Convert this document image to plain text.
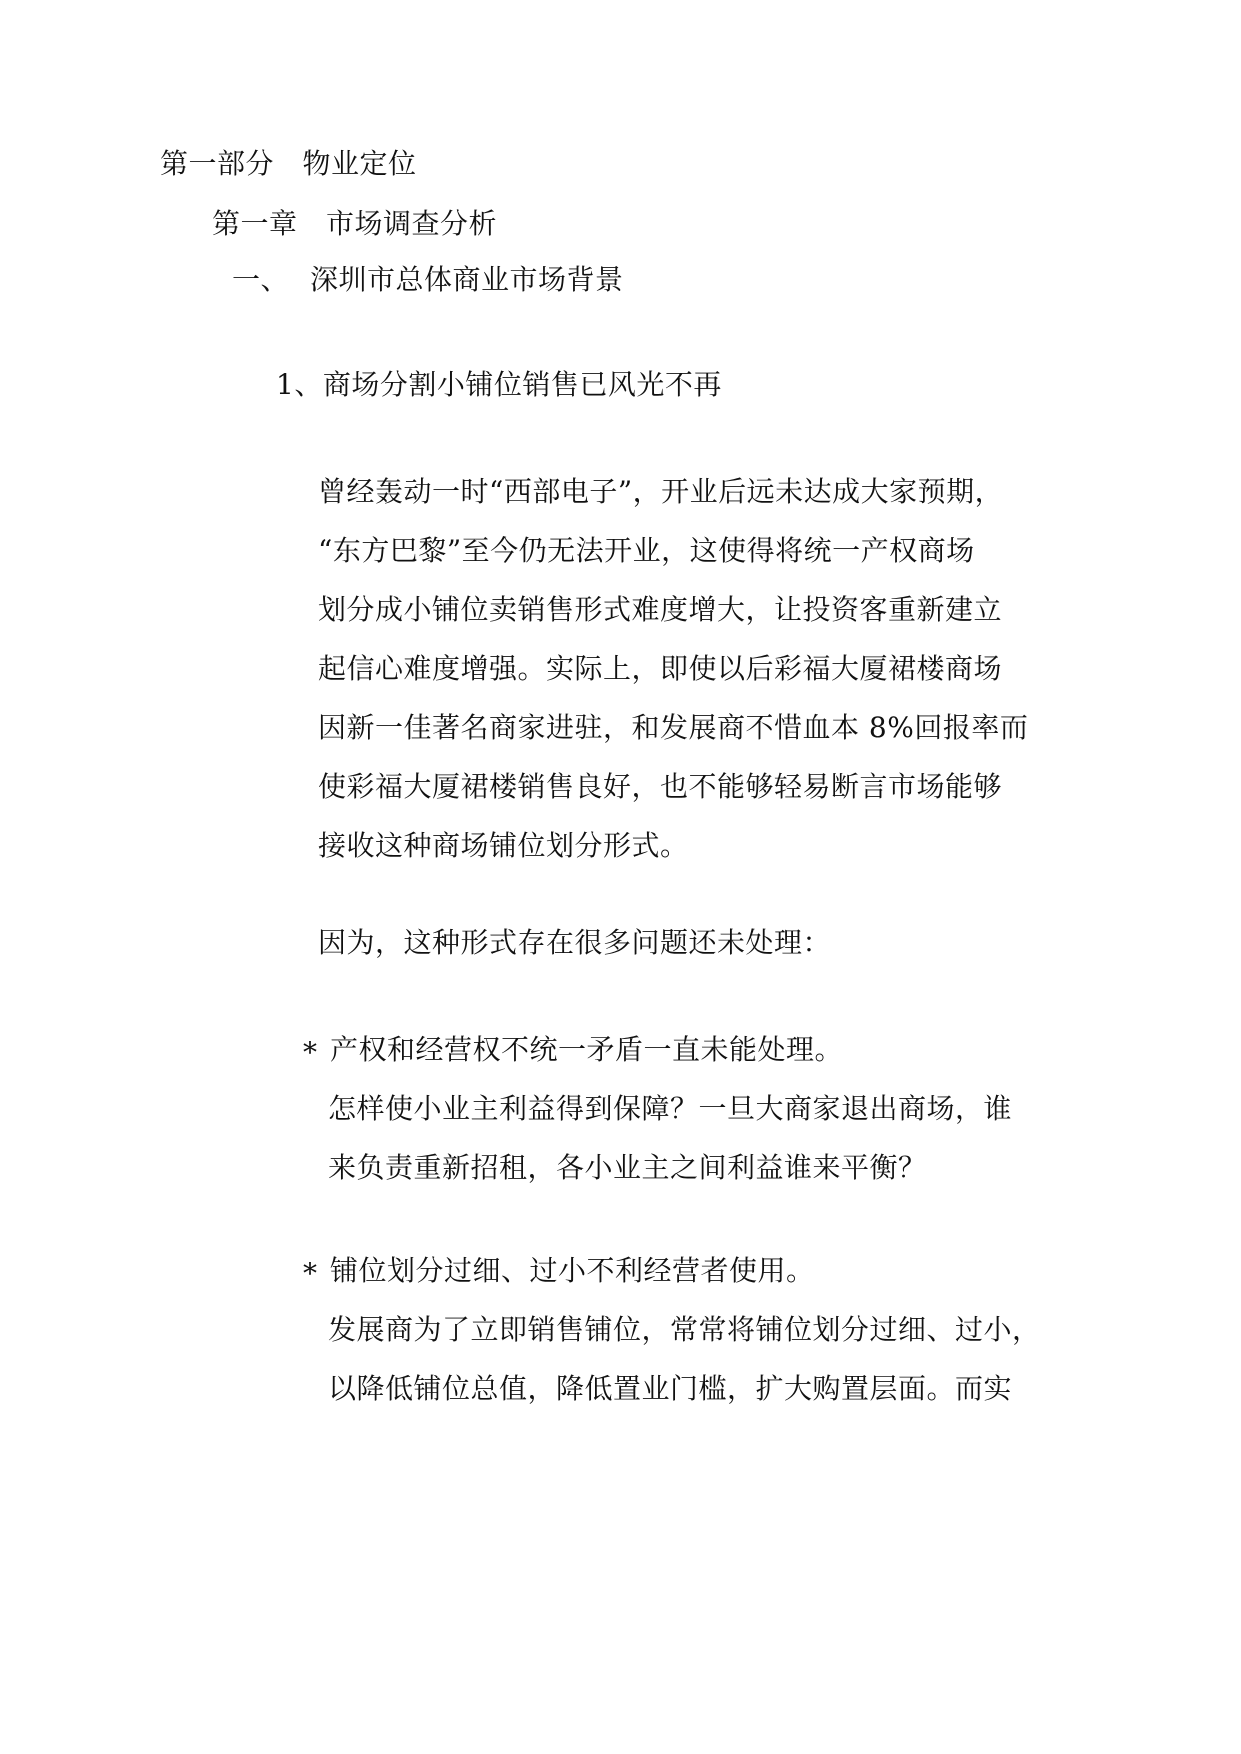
第一部分　物业定位
第一章　市场调查分析
一、 深圳市总体商业市场背景
1、商场分割小铺位销售已风光不再
曾经轰动一时“西部电子”，开业后远未达成大家预期，
“东方巴黎”至今仍无法开业，这使得将统一产权商场
划分成小铺位卖销售形式难度增大，让投资客重新建立
起信心难度增强。实际上，即使以后彩福大厦裙楼商场
因新一佳著名商家进驻，和发展商不惜血本 8%回报率而
使彩福大厦裙楼销售良好，也不能够轻易断言市场能够
接收这种商场铺位划分形式。
因为，这种形式存在很多问题还未处理：
* 产权和经营权不统一矛盾一直未能处理。
怎样使小业主利益得到保障？一旦大商家退出商场，谁
来负责重新招租，各小业主之间利益谁来平衡？
* 铺位划分过细、过小不利经营者使用。
发展商为了立即销售铺位，常常将铺位划分过细、过小，
以降低铺位总值，降低置业门槛，扩大购置层面。而实
